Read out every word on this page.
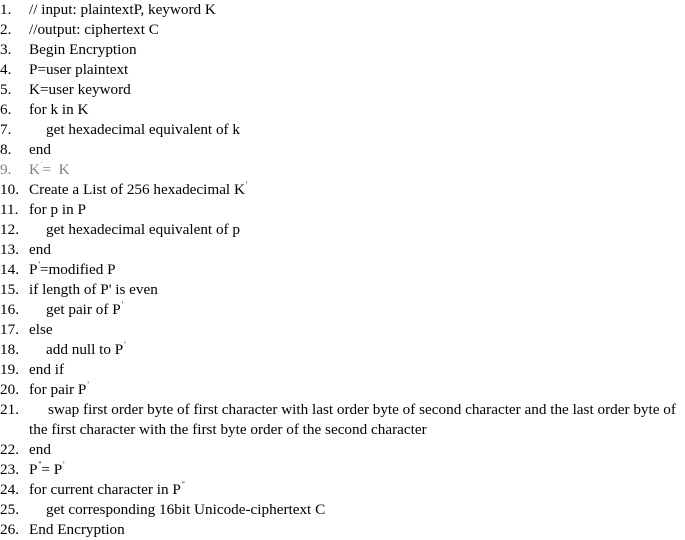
1.	// input: plaintextP, keyword K
2.	//output: ciphertext C
3.	Begin Encryption
4.	P=user plaintext
5.	K=user keyword
6.	for k in K
7.	get hexadecimal equivalent of k
8.	end
9.	K'=  K
10. Create a List of 256 hexadecimal K'
11. for p in P
12.	get hexadecimal equivalent of p
13. end
14. P'=modified P
15. if length of P' is even
16.	get pair of P'
17. else
18.	add null to P'
19. end if
20. for pair P'
21.	swap first order byte of first character with last order byte of second character and the last order byte of the first character with the first byte order of the second character
22. end
23. P''= P'
24. for current character in P''
25.	get corresponding 16bit Unicode-ciphertext C
26. End Encryption
